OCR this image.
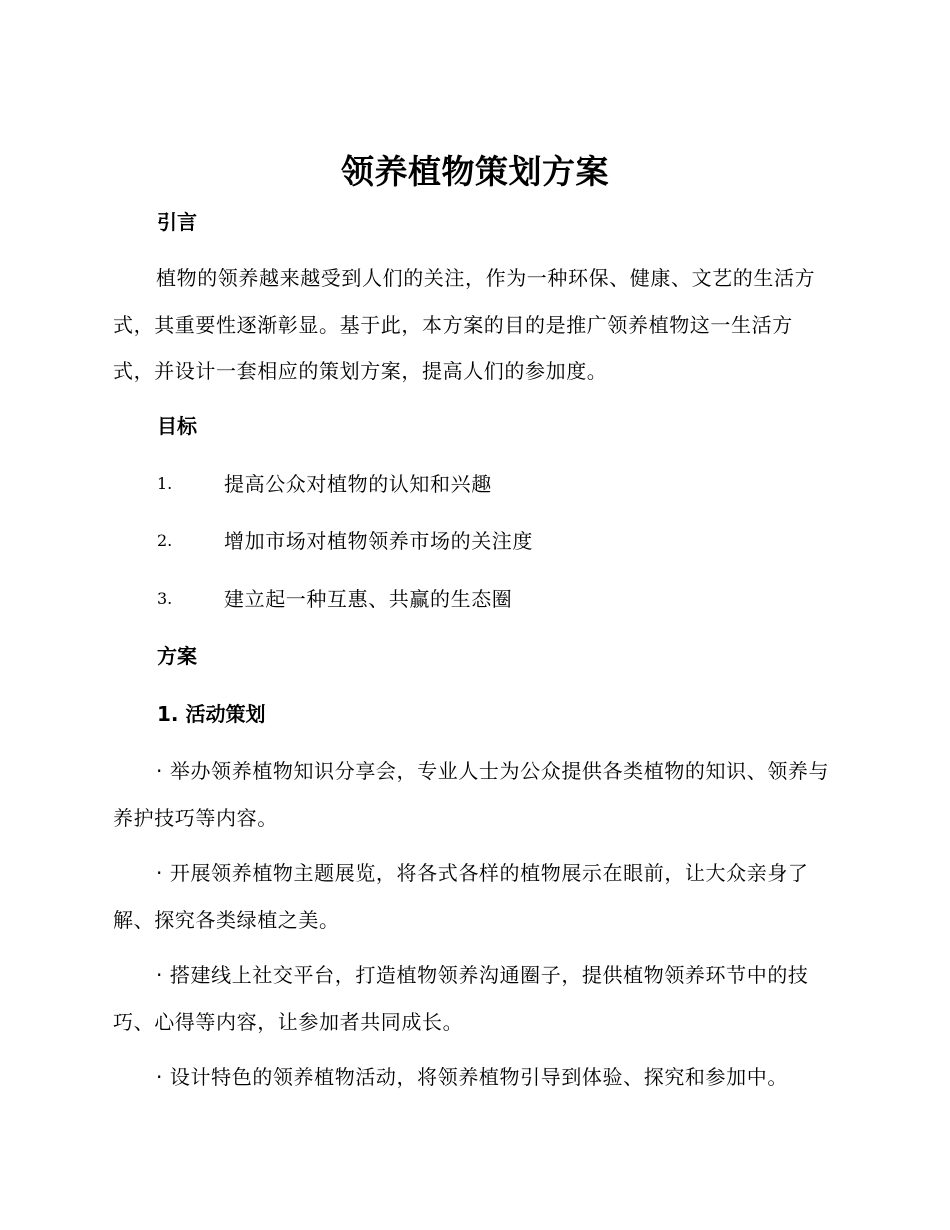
领养植物策划方案
引言
植物的领养越来越受到人们的关注，作为一种环保、健康、文艺的生活方式，其重要性逐渐彰显。基于此，本方案的目的是推广领养植物这一生活方式，并设计一套相应的策划方案，提高人们的参加度。
目标
1.	提高公众对植物的认知和兴趣
2.	增加市场对植物领养市场的关注度
3.	建立起一种互惠、共赢的生态圈
方案
1. 活动策划
· 举办领养植物知识分享会，专业人士为公众提供各类植物的知识、领养与养护技巧等内容。
· 开展领养植物主题展览，将各式各样的植物展示在眼前，让大众亲身了解、探究各类绿植之美。
· 搭建线上社交平台，打造植物领养沟通圈子，提供植物领养环节中的技巧、心得等内容，让参加者共同成长。
· 设计特色的领养植物活动，将领养植物引导到体验、探究和参加中。
